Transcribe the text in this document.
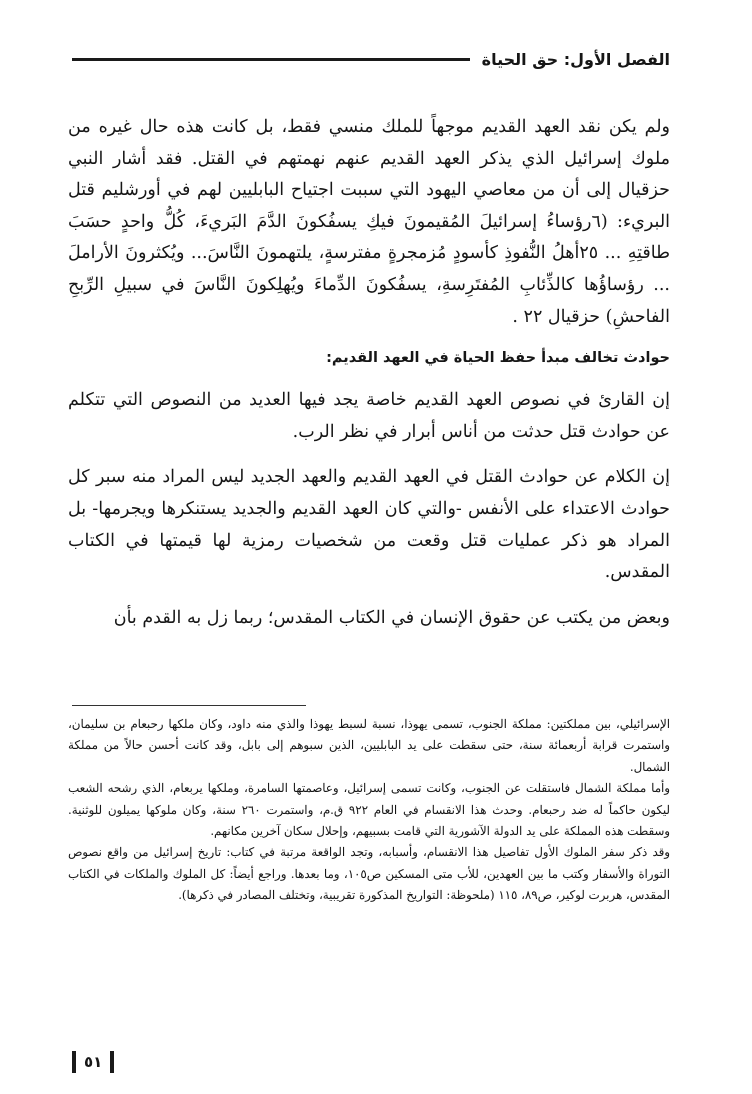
الفصل الأول: حق الحياة

ولم يكن نقد العهد القديم موجهاً للملك منسي فقط، بل كانت هذه حال غيره من ملوك إسرائيل الذي يذكر العهد القديم عنهم نهمتهم في القتل. فقد أشار النبي حزقيال إلى أن من معاصي اليهود التي سببت اجتياح البابليين لهم في أورشليم قتل البريء: (٦رؤساءُ إسرائيلَ المُقيمونَ فيكِ يسفُكونَ الدَّمَ البَريءَ، كُلُّ واحدٍ حسَبَ طاقتِهِ ... ٢٥أهلُ النُّفوذِ كأسودٍ مُزمجرةٍ مفترسةٍ، يلتهمونَ النَّاسَ... ويُكثرونَ الأراملَ ... رؤساؤُها كالذِّئابِ المُفتَرِسةِ، يسفُكونَ الدِّماءَ ويُهلِكونَ النَّاسَ في سبيلِ الرِّبحِ الفاحشِ) حزقيال ٢٢ .

حوادث تخالف مبدأ حفظ الحياة في العهد القديم:

إن القارئ في نصوص العهد القديم خاصة يجد فيها العديد من النصوص التي تتكلم عن حوادث قتل حدثت من أناس أبرار في نظر الرب.

إن الكلام عن حوادث القتل في العهد القديم والعهد الجديد ليس المراد منه سبر كل حوادث الاعتداء على الأنفس -والتي كان العهد القديم والجديد يستنكرها ويجرمها- بل المراد هو ذكر عمليات قتل وقعت من شخصيات رمزية لها قيمتها في الكتاب المقدس.

وبعض من يكتب عن حقوق الإنسان في الكتاب المقدس؛ ربما زل به القدم بأن

الإسرائيلي، بين مملكتين: مملكة الجنوب، تسمى يهوذا، نسبة لسبط يهوذا والذي منه داود، وكان ملكها رحبعام بن سليمان، واستمرت قرابة أربعمائة سنة، حتى سقطت على يد البابليين، الذين سبوهم إلى بابل، وقد كانت أحسن حالاً من مملكة الشمال.

وأما مملكة الشمال فاستقلت عن الجنوب، وكانت تسمى إسرائيل، وعاصمتها السامرة، وملكها يربعام، الذي رشحه الشعب ليكون حاكماً له ضد رحبعام. وحدث هذا الانقسام في العام ٩٢٢ ق.م، واستمرت ٢٦٠ سنة، وكان ملوكها يميلون للوثنية. وسقطت هذه المملكة على يد الدولة الآشورية التي قامت بسبيهم، وإحلال سكان آخرين مكانهم.

وقد ذكر سفر الملوك الأول تفاصيل هذا الانقسام، وأسبابه، وتجد الواقعة مرتبة في كتاب: تاريخ إسرائيل من واقع نصوص التوراة والأسفار وكتب ما بين العهدين، للأب متى المسكين ص١٠٥، وما بعدها. وراجع أيضاً: كل الملوك والملكات في الكتاب المقدس، هربرت لوكير، ص٨٩، ١١٥ (ملحوظة: التواريخ المذكورة تقريبية، وتختلف المصادر في ذكرها).

٥١
